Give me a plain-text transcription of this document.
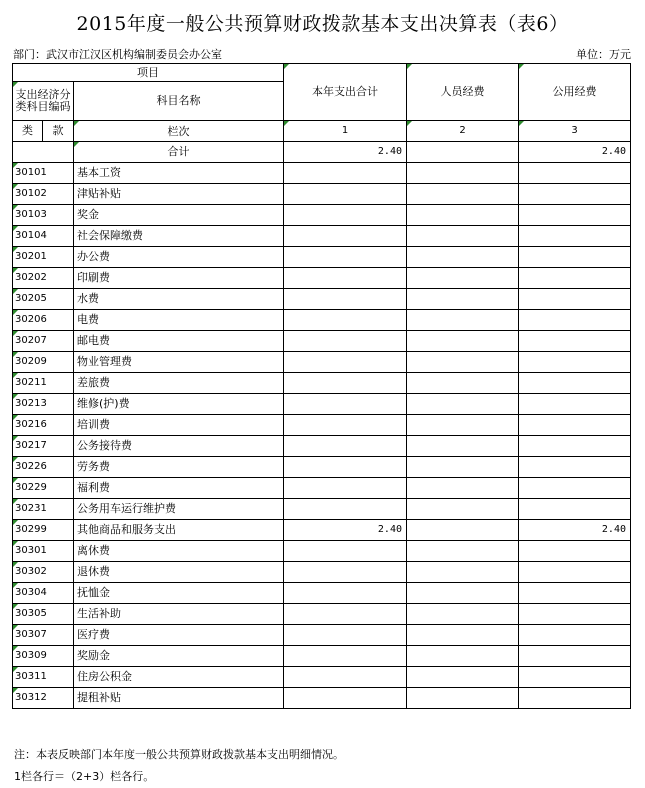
2015年度一般公共预算财政拨款基本支出决算表（表6）
部门：武汉市江汉区机构编制委员会办公室	单位：万元
项目			本年支出合计	人员经费	公用经费
支出经济分类科目编码		科目名称			
类	款				
		栏次	1	2	3
		合计	2.40		2.40
30101		基本工资			
30102		津贴补贴			
30103		奖金			
30104		社会保障缴费			
30201		办公费			
30202		印刷费			
30205		水费			
30206		电费			
30207		邮电费			
30209		物业管理费			
30211		差旅费			
30213		维修(护)费			
30216		培训费			
30217		公务接待费			
30226		劳务费			
30229		福利费			
30231		公务用车运行维护费			
30299		其他商品和服务支出	2.40		2.40
30301		离休费			
30302		退休费			
30304		抚恤金			
30305		生活补助			
30307		医疗费			
30309		奖励金			
30311		住房公积金			
30312		提租补贴			
注：本表反映部门本年度一般公共预算财政拨款基本支出明细情况。
1栏各行＝（2+3）栏各行。
